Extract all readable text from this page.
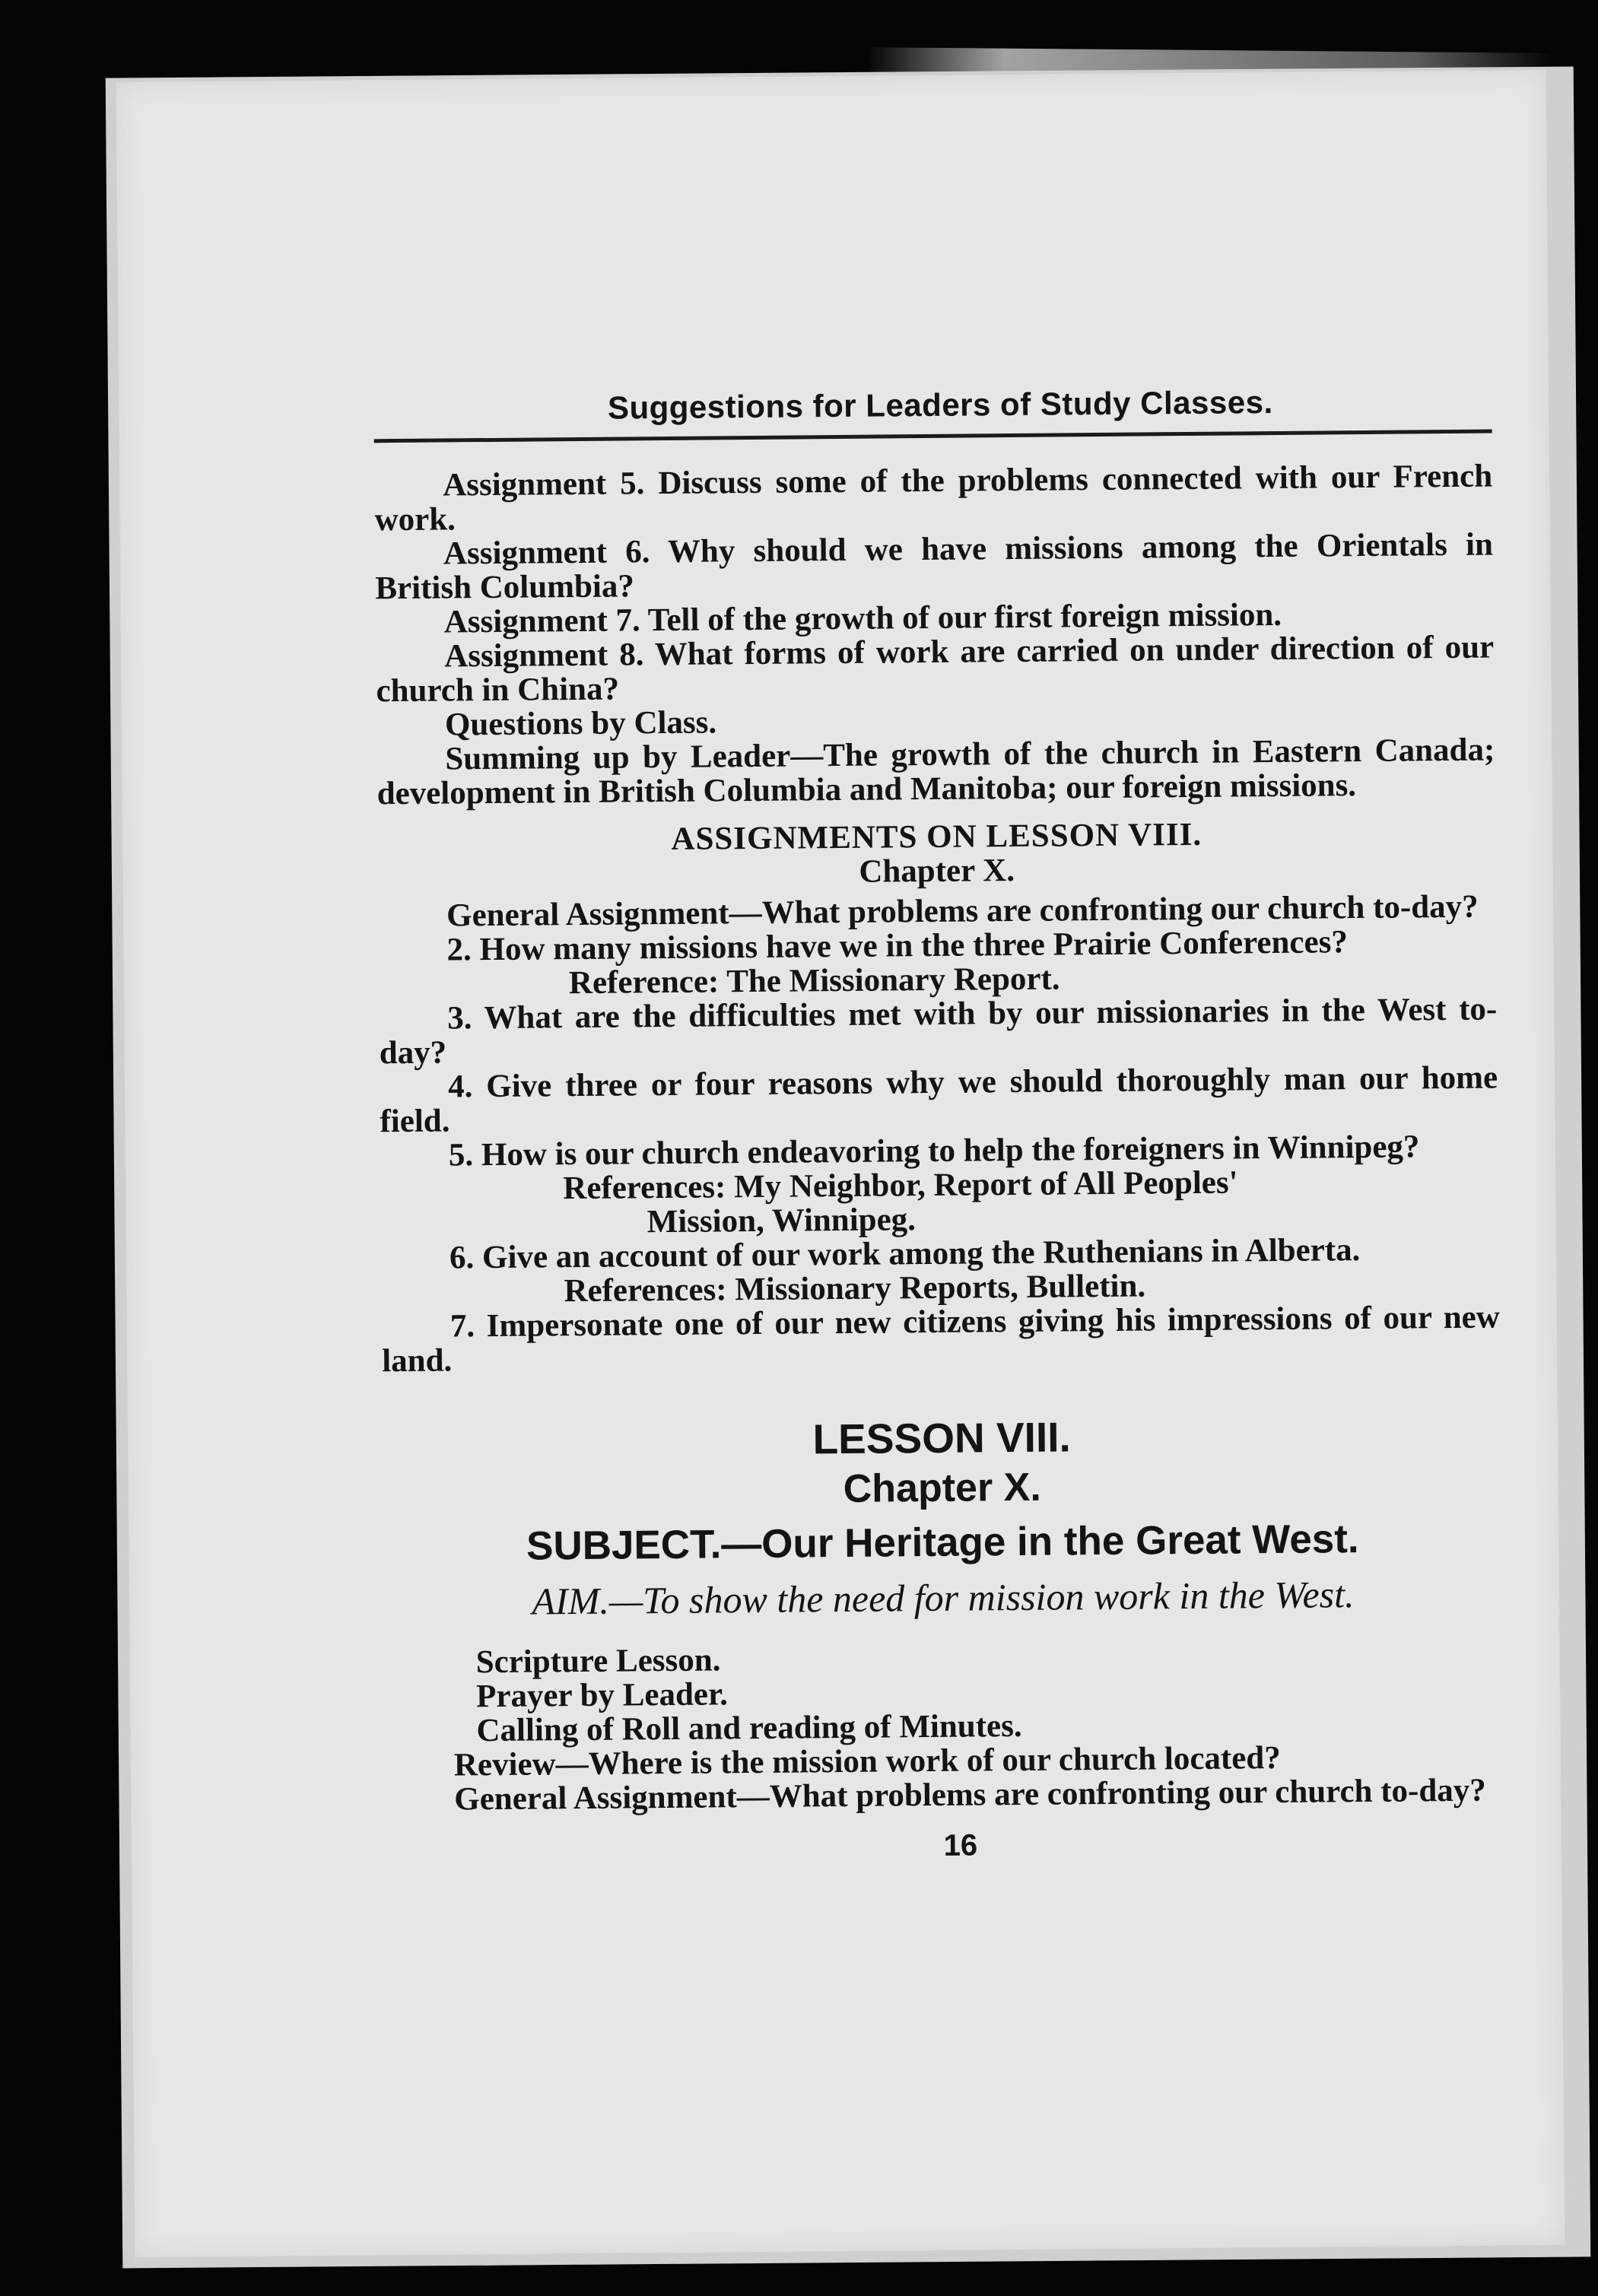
Suggestions for Leaders of Study Classes.

Assignment 5. Discuss some of the problems connected with our French work.

Assignment 6. Why should we have missions among the Orientals in British Columbia?

Assignment 7. Tell of the growth of our first foreign mission.

Assignment 8. What forms of work are carried on under direction of our church in China?

Questions by Class.

Summing up by Leader—The growth of the church in Eastern Canada; development in British Columbia and Manitoba; our foreign missions.

ASSIGNMENTS ON LESSON VIII.

Chapter X.

General Assignment—What problems are confronting our church to-day?

2. How many missions have we in the three Prairie Conferences?

Reference: The Missionary Report.

3. What are the difficulties met with by our missionaries in the West to-day?

4. Give three or four reasons why we should thoroughly man our home field.

5. How is our church endeavoring to help the foreigners in Winnipeg?

References: My Neighbor, Report of All Peoples'

Mission, Winnipeg.

6. Give an account of our work among the Ruthenians in Alberta.

References: Missionary Reports, Bulletin.

7. Impersonate one of our new citizens giving his impressions of our new land.

LESSON VIII.
Chapter X.
SUBJECT.—Our Heritage in the Great West.
AIM.—To show the need for mission work in the West.

Scripture Lesson.

Prayer by Leader.

Calling of Roll and reading of Minutes.

Review—Where is the mission work of our church located?

General Assignment—What problems are confronting our church to-day?

16
